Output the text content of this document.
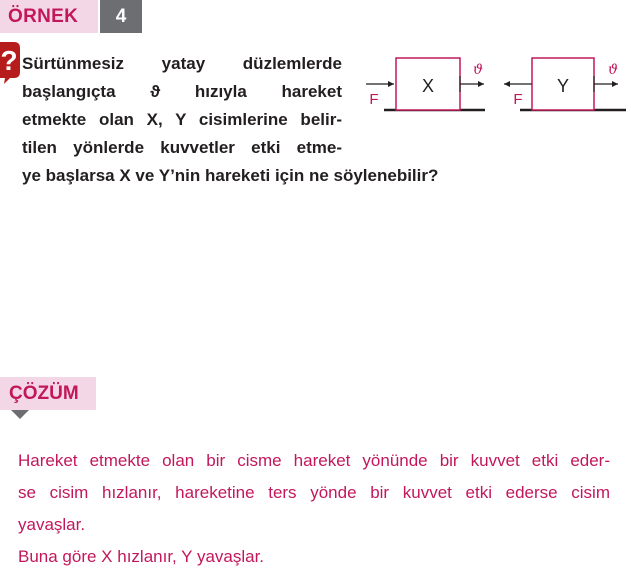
ÖRNEK	4
? Sürtünmesiz yatay düzlemlerde
başlangıçta ϑ hızıyla hareket
etmekte olan X, Y cisimlerine belir-
tilen yönlerde kuvvetler etki etme-
ye başlarsa X ve Y’nin hareketi için ne söylenebilir?
X
F
ϑ
Y
F
ϑ
ÇÖZÜM
Hareket etmekte olan bir cisme hareket yönünde bir kuvvet etki eder-
se cisim hızlanır, hareketine ters yönde bir kuvvet etki ederse cisim
yavaşlar.
Buna göre X hızlanır, Y yavaşlar.
